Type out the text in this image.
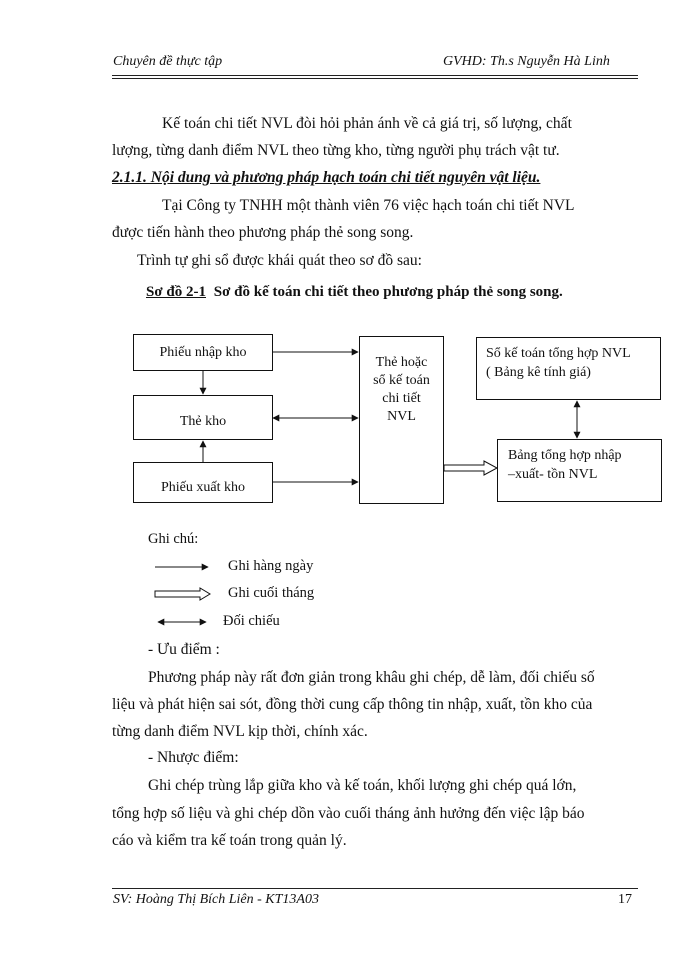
Chuyên đề thực tập	GVHD: Th.s Nguyễn Hà Linh

Kế toán chi tiết NVL đòi hỏi phản ánh về cả giá trị, số lượng, chất

lượng, từng danh điểm NVL theo từng kho, từng người phụ trách vật tư.

2.1.1. Nội dung và phương pháp hạch toán chi tiết nguyên vật liệu.

Tại Công ty TNHH một thành viên 76 việc hạch toán chi tiết NVL

được tiến hành theo phương pháp thẻ song song.

Trình tự ghi sổ được khái quát theo sơ đồ sau:

Sơ đồ 2-1 Sơ đồ kế toán chi tiết theo phương pháp thẻ song song.

Phiếu nhập kho
Thẻ kho
Phiếu xuất kho
Thẻ hoặc
sổ kế toán
chi tiết
NVL
Sổ kế toán tổng hợp NVL
( Bảng kê tính giá)
Bảng tổng hợp nhập
–xuất- tồn NVL
Ghi chú:
Ghi hàng ngày
Ghi cuối tháng
Đối chiếu

- Ưu điểm :

Phương pháp này rất đơn giản trong khâu ghi chép, dễ làm, đối chiếu số

liệu và phát hiện sai sót, đồng thời cung cấp thông tin nhập, xuất, tồn kho của

từng danh điểm NVL kịp thời, chính xác.

- Nhược điểm:

Ghi chép trùng lắp giữa kho và kế toán, khối lượng ghi chép quá lớn,

tổng hợp số liệu và ghi chép dồn vào cuối tháng ảnh hưởng đến việc lập báo

cáo và kiểm tra kế toán trong quản lý.

SV: Hoàng Thị Bích Liên - KT13A03	17
